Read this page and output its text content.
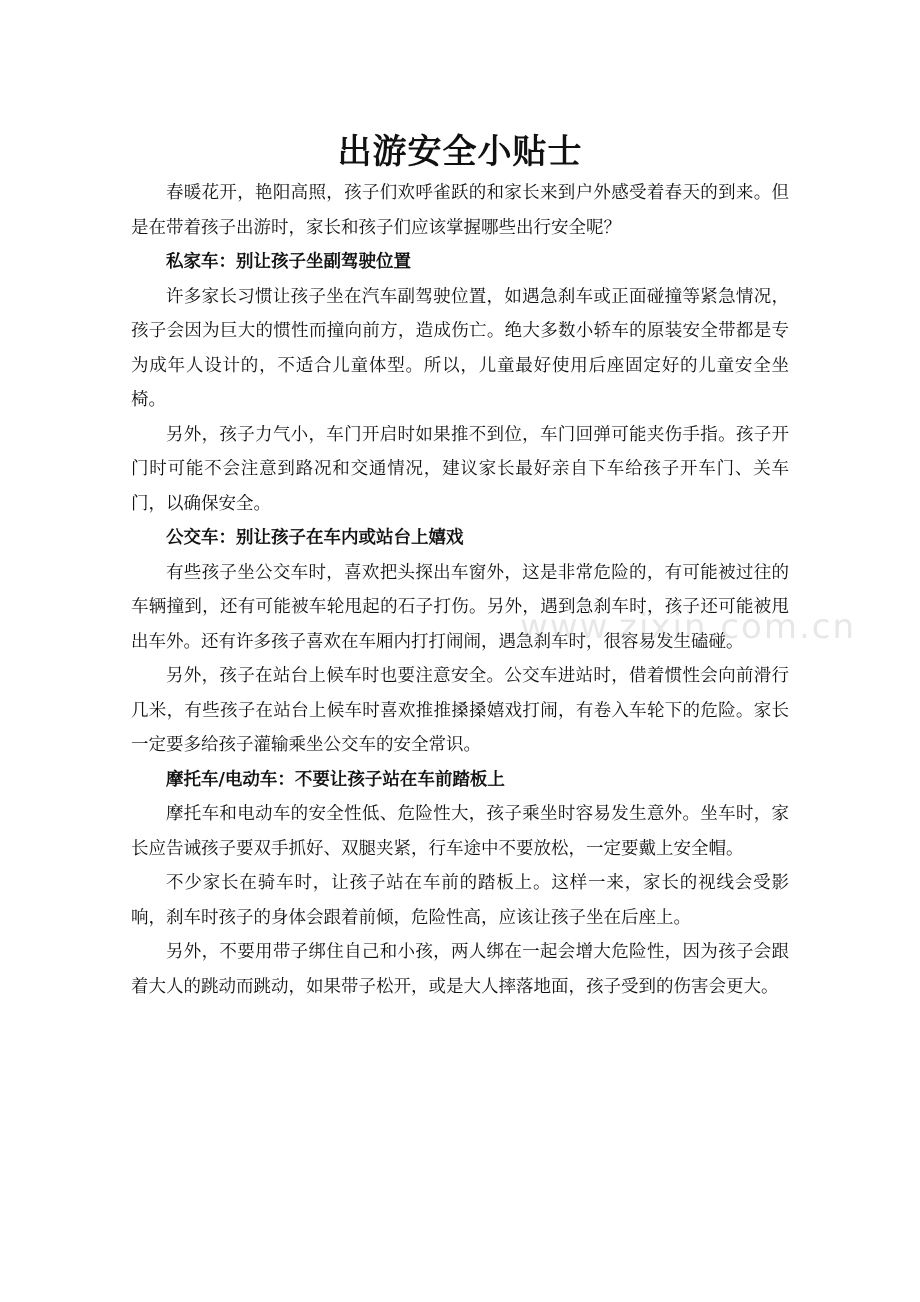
出游安全小贴士

春暖花开，艳阳高照，孩子们欢呼雀跃的和家长来到户外感受着春天的到来。但是在带着孩子出游时，家长和孩子们应该掌握哪些出行安全呢？

私家车：别让孩子坐副驾驶位置

许多家长习惯让孩子坐在汽车副驾驶位置，如遇急刹车或正面碰撞等紧急情况，孩子会因为巨大的惯性而撞向前方，造成伤亡。绝大多数小轿车的原装安全带都是专为成年人设计的，不适合儿童体型。所以，儿童最好使用后座固定好的儿童安全坐椅。

另外，孩子力气小，车门开启时如果推不到位，车门回弹可能夹伤手指。孩子开门时可能不会注意到路况和交通情况，建议家长最好亲自下车给孩子开车门、关车门，以确保安全。

公交车：别让孩子在车内或站台上嬉戏

有些孩子坐公交车时，喜欢把头探出车窗外，这是非常危险的，有可能被过往的车辆撞到，还有可能被车轮甩起的石子打伤。另外，遇到急刹车时，孩子还可能被甩出车外。还有许多孩子喜欢在车厢内打打闹闹，遇急刹车时，很容易发生磕碰。

另外，孩子在站台上候车时也要注意安全。公交车进站时，借着惯性会向前滑行几米，有些孩子在站台上候车时喜欢推推搡搡嬉戏打闹，有卷入车轮下的危险。家长一定要多给孩子灌输乘坐公交车的安全常识。

摩托车/电动车：不要让孩子站在车前踏板上

摩托车和电动车的安全性低、危险性大，孩子乘坐时容易发生意外。坐车时，家长应告诫孩子要双手抓好、双腿夹紧，行车途中不要放松，一定要戴上安全帽。

不少家长在骑车时，让孩子站在车前的踏板上。这样一来，家长的视线会受影响，刹车时孩子的身体会跟着前倾，危险性高，应该让孩子坐在后座上。

另外，不要用带子绑住自己和小孩，两人绑在一起会增大危险性，因为孩子会跟着大人的跳动而跳动，如果带子松开，或是大人摔落地面，孩子受到的伤害会更大。

www.zixin.com.cn
